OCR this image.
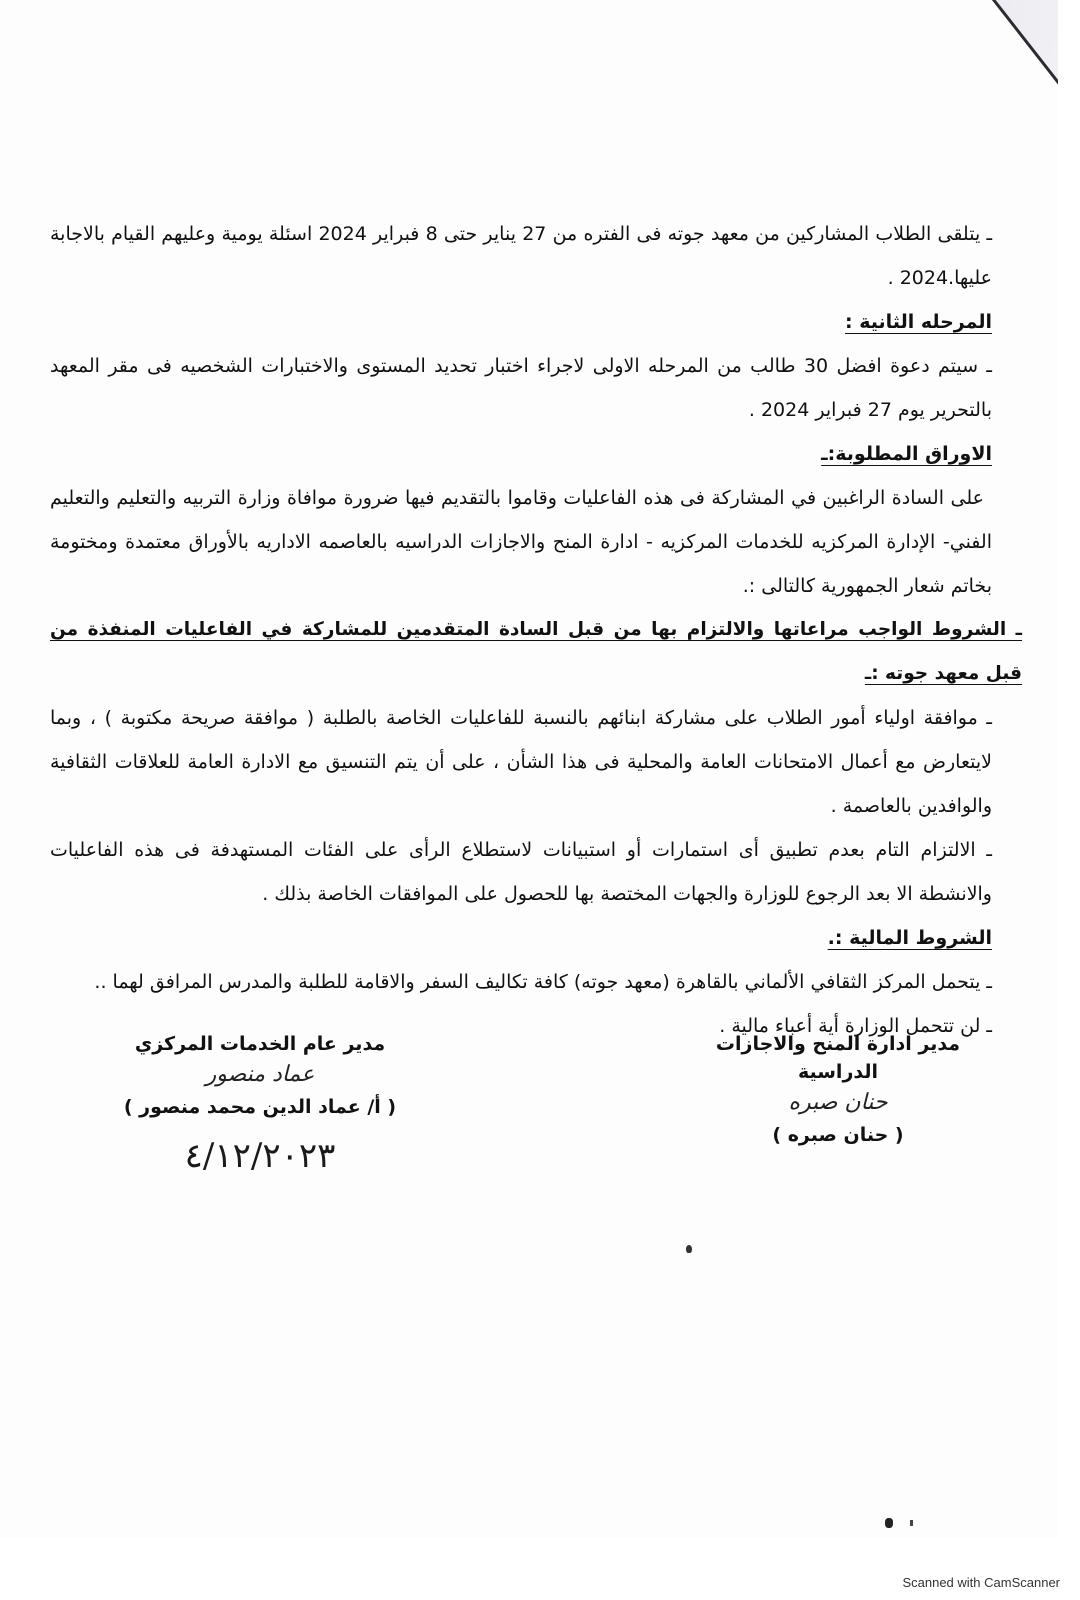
ـ يتلقى الطلاب المشاركين من معهد جوته فى الفتره من 27 يناير حتى 8 فبراير 2024 اسئلة يومية وعليهم القيام بالاجابة عليها.2024 .

المرحله الثانية :

ـ سيتم دعوة افضل 30 طالب من المرحله الاولى لاجراء اختبار تحديد المستوى والاختبارات الشخصيه فى مقر المعهد بالتحرير يوم 27 فبراير 2024 .

الاوراق المطلوبة:ـ

على السادة الراغبين في المشاركة فى هذه الفاعليات وقاموا بالتقديم فيها ضرورة موافاة وزارة التربيه والتعليم والتعليم الفني- الإدارة المركزيه للخدمات المركزيه - ادارة المنح والاجازات الدراسيه بالعاصمه الاداريه بالأوراق معتمدة ومختومة بخاتم شعار الجمهورية كالتالى :.

ـ الشروط الواجب مراعاتها والالتزام بها من قبل السادة المتقدمين للمشاركة في الفاعليات المنفذة من قبل معهد جوته :ـ

ـ موافقة اولياء أمور الطلاب على مشاركة ابنائهم بالنسبة للفاعليات الخاصة بالطلبة ( موافقة صريحة مكتوبة ) ، وبما لايتعارض مع أعمال الامتحانات العامة والمحلية فى هذا الشأن ، على أن يتم التنسيق مع الادارة العامة للعلاقات الثقافية والوافدين بالعاصمة .

ـ الالتزام التام بعدم تطبيق أى استمارات أو استبيانات لاستطلاع الرأى على الفئات المستهدفة فى هذه الفاعليات والانشطة الا بعد الرجوع للوزارة والجهات المختصة بها للحصول على الموافقات الخاصة بذلك .

الشروط المالية :.

ـ يتحمل المركز الثقافي الألماني بالقاهرة (معهد جوته) كافة تكاليف السفر والاقامة للطلبة والمدرس المرافق لهما ..

ـ لن تتحمل الوزارة أية أعباء مالية .

مدير ادارة المنح والاجازات الدراسية
حنان صبره
( حنان صبره )
مدير عام الخدمات المركزي
عماد منصور
( أ/ عماد الدين محمد منصور )
٤/١٢/٢٠٢٣
Scanned with CamScanner
